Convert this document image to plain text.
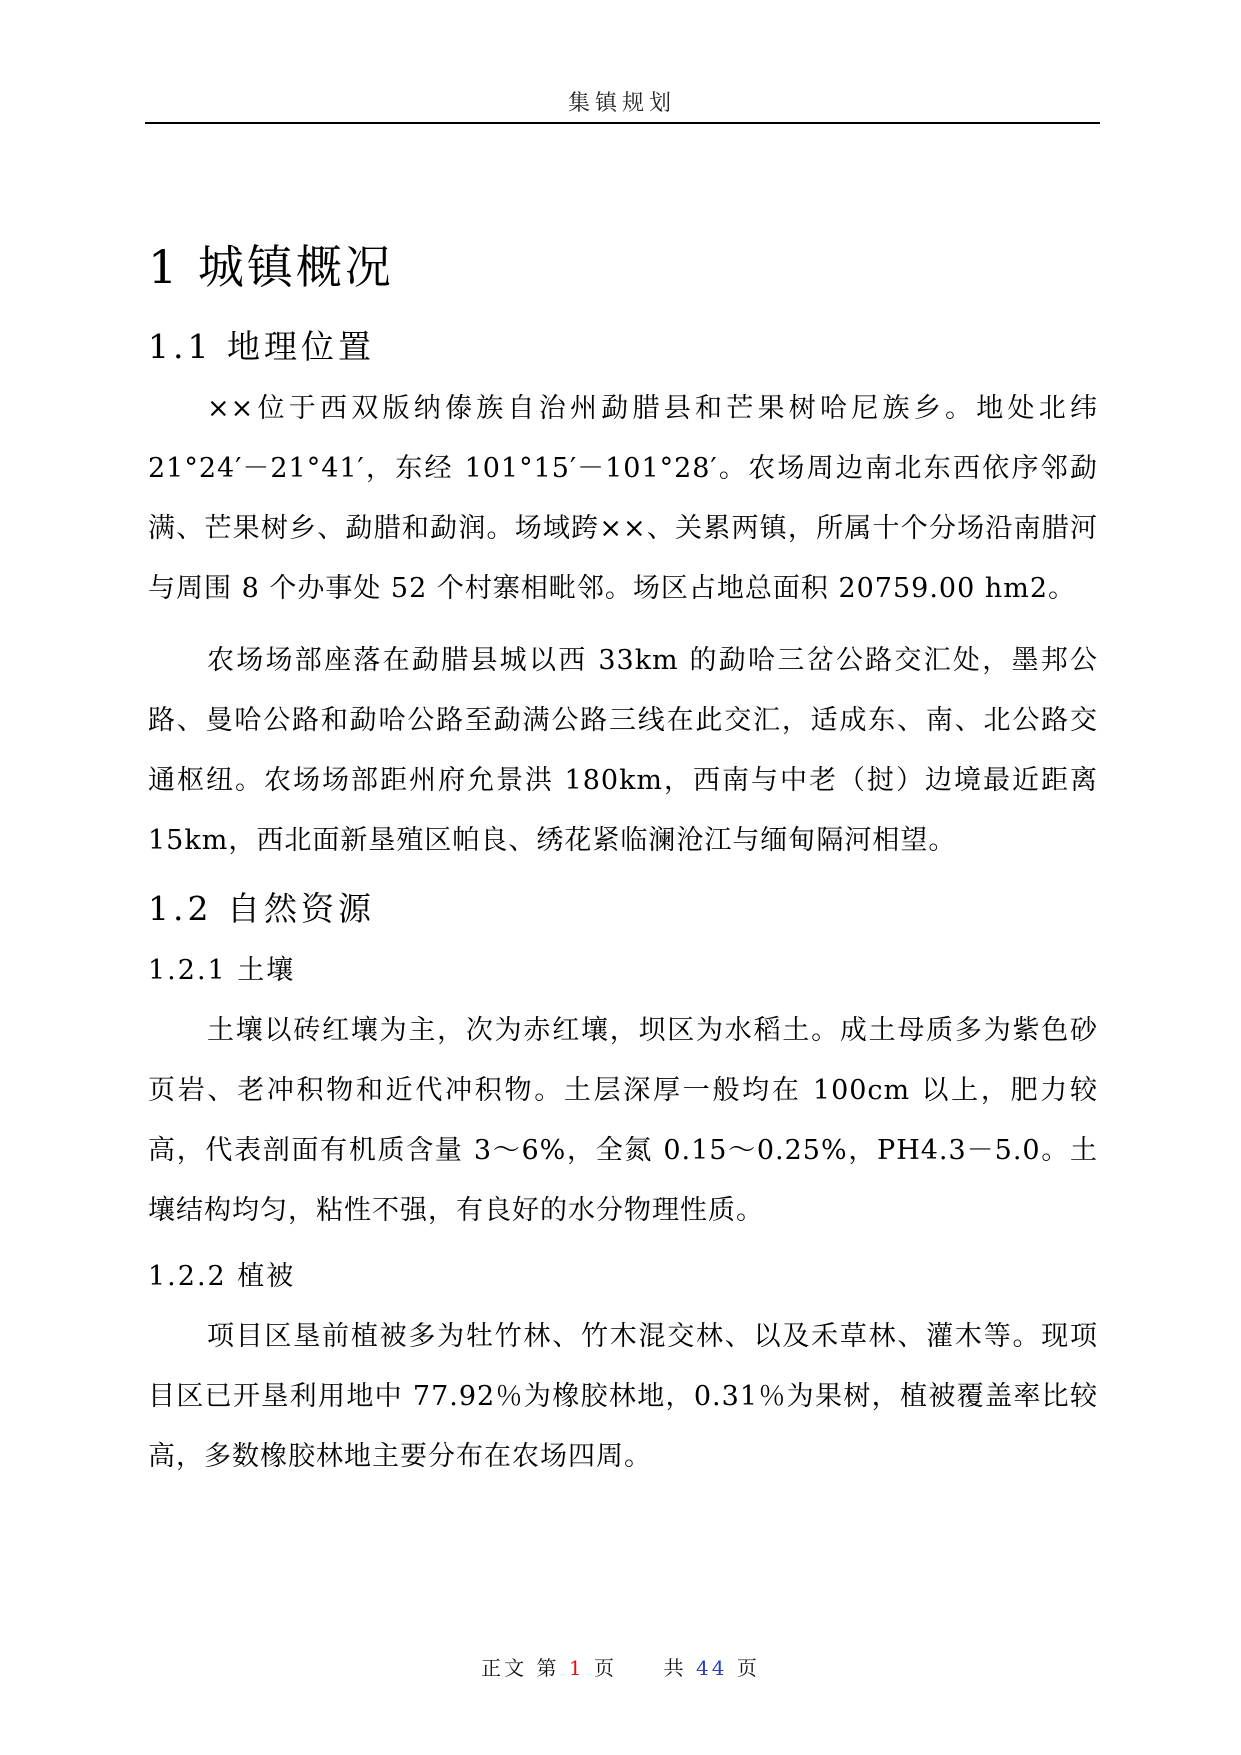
集镇规划
1 城镇概况
1.1 地理位置

××位于西双版纳傣族自治州勐腊县和芒果树哈尼族乡。地处北纬 21°24′－21°41′，东经 101°15′－101°28′。农场周边南北东西依序邻勐满、芒果树乡、勐腊和勐润。场域跨××、关累两镇，所属十个分场沿南腊河与周围 8 个办事处 52 个村寨相毗邻。场区占地总面积 20759.00 hm2。

农场场部座落在勐腊县城以西 33km 的勐哈三岔公路交汇处，墨邦公路、曼哈公路和勐哈公路至勐满公路三线在此交汇，适成东、南、北公路交通枢纽。农场场部距州府允景洪 180km，西南与中老（挝）边境最近距离 15km，西北面新垦殖区帕良、绣花紧临澜沧江与缅甸隔河相望。

1.2 自然资源
1.2.1 土壤

土壤以砖红壤为主，次为赤红壤，坝区为水稻土。成土母质多为紫色砂页岩、老冲积物和近代冲积物。土层深厚一般均在 100cm 以上，肥力较高，代表剖面有机质含量 3～6%，全氮 0.15～0.25%，PH4.3－5.0。土壤结构均匀，粘性不强，有良好的水分物理性质。

1.2.2 植被

项目区垦前植被多为牡竹林、竹木混交林、以及禾草林、灌木等。现项目区已开垦利用地中 77.92％为橡胶林地，0.31％为果树，植被覆盖率比较高，多数橡胶林地主要分布在农场四周。

正文 第 1 页 共 44 页
